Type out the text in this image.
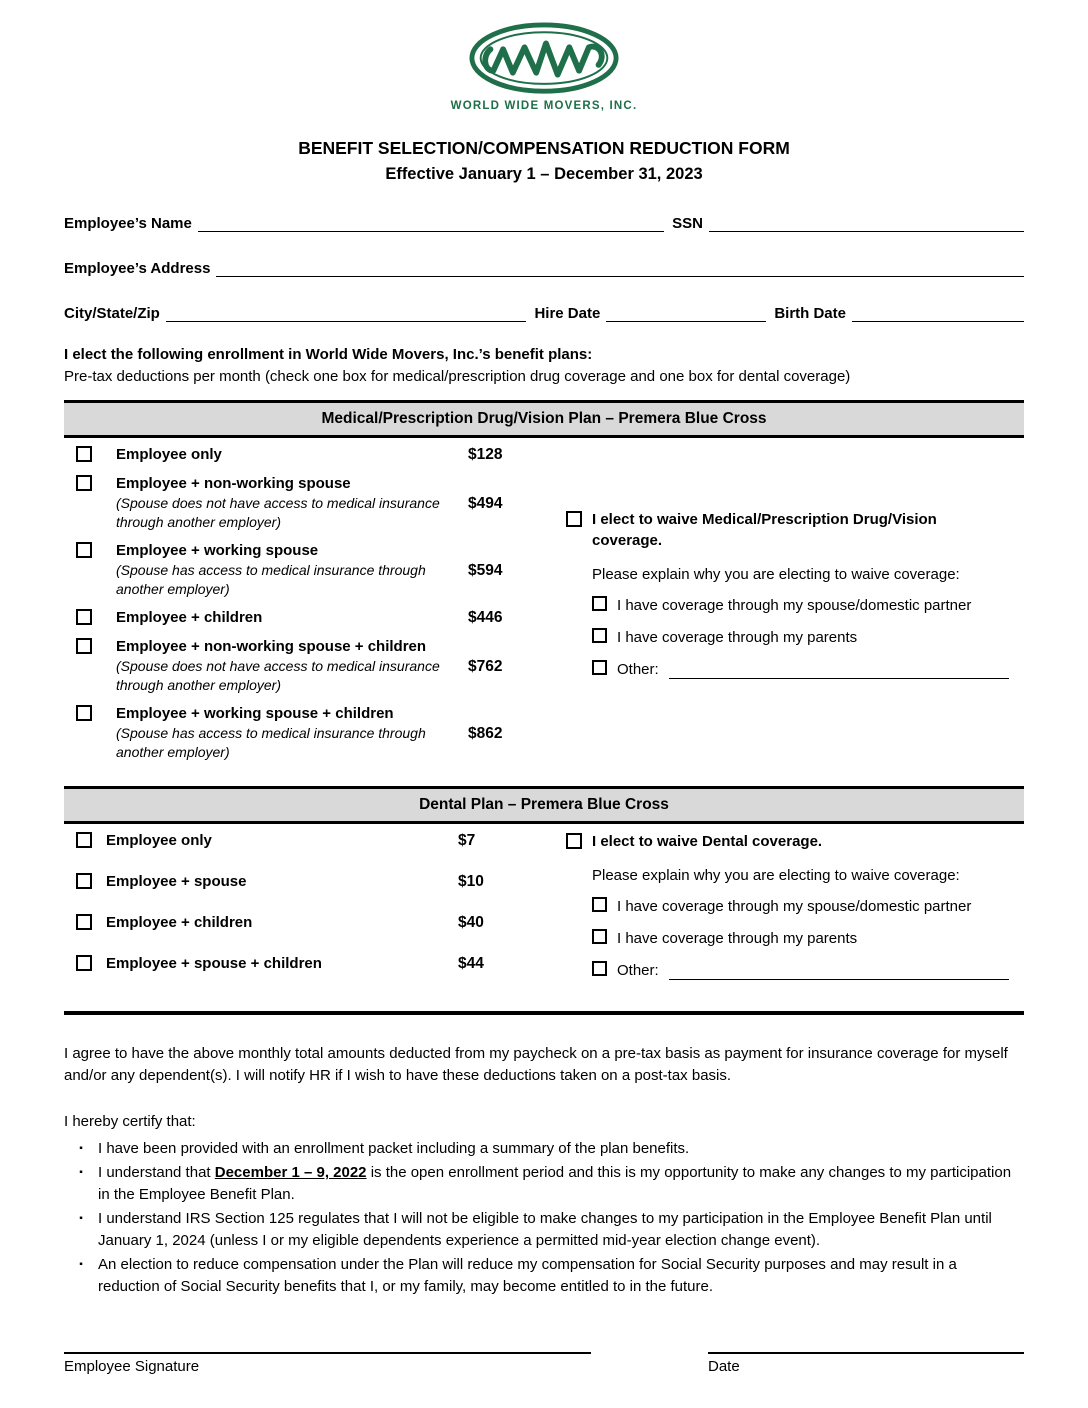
WORLD WIDE MOVERS, INC.
BENEFIT SELECTION/COMPENSATION REDUCTION FORM
Effective January 1 – December 31, 2023
Employee’s Name	SSN
Employee’s Address
City/State/Zip	Hire Date	Birth Date
I elect the following enrollment in World Wide Movers, Inc.’s benefit plans:
Pre-tax deductions per month (check one box for medical/prescription drug coverage and one box for dental coverage)
Medical/Prescription Drug/Vision Plan – Premera Blue Cross
Employee only	$128
Employee + non-working spouse
(Spouse does not have access to medical insurance through another employer)
$494
Employee + working spouse
(Spouse has access to medical insurance through another employer)
$594
Employee + children	$446
Employee + non-working spouse + children
(Spouse does not have access to medical insurance through another employer)
$762
Employee + working spouse + children
(Spouse has access to medical insurance through another employer)
$862
I elect to waive Medical/Prescription Drug/Vision coverage.
Please explain why you are electing to waive coverage:
I have coverage through my spouse/domestic partner
I have coverage through my parents
Other:
Dental Plan – Premera Blue Cross
Employee only	$7
Employee + spouse	$10
Employee + children	$40
Employee + spouse + children	$44
I elect to waive Dental coverage.
Please explain why you are electing to waive coverage:
I have coverage through my spouse/domestic partner
I have coverage through my parents
Other:
I agree to have the above monthly total amounts deducted from my paycheck on a pre-tax basis as payment for insurance coverage for myself and/or any dependent(s). I will notify HR if I wish to have these deductions taken on a post-tax basis.
I hereby certify that:
▪	I have been provided with an enrollment packet including a summary of the plan benefits.
▪	I understand that December 1 – 9, 2022 is the open enrollment period and this is my opportunity to make any changes to my participation in the Employee Benefit Plan.
▪	I understand IRS Section 125 regulates that I will not be eligible to make changes to my participation in the Employee Benefit Plan until January 1, 2024 (unless I or my eligible dependents experience a permitted mid-year election change event).
▪	An election to reduce compensation under the Plan will reduce my compensation for Social Security purposes and may result in a reduction of Social Security benefits that I, or my family, may become entitled to in the future.
Employee Signature	Date
